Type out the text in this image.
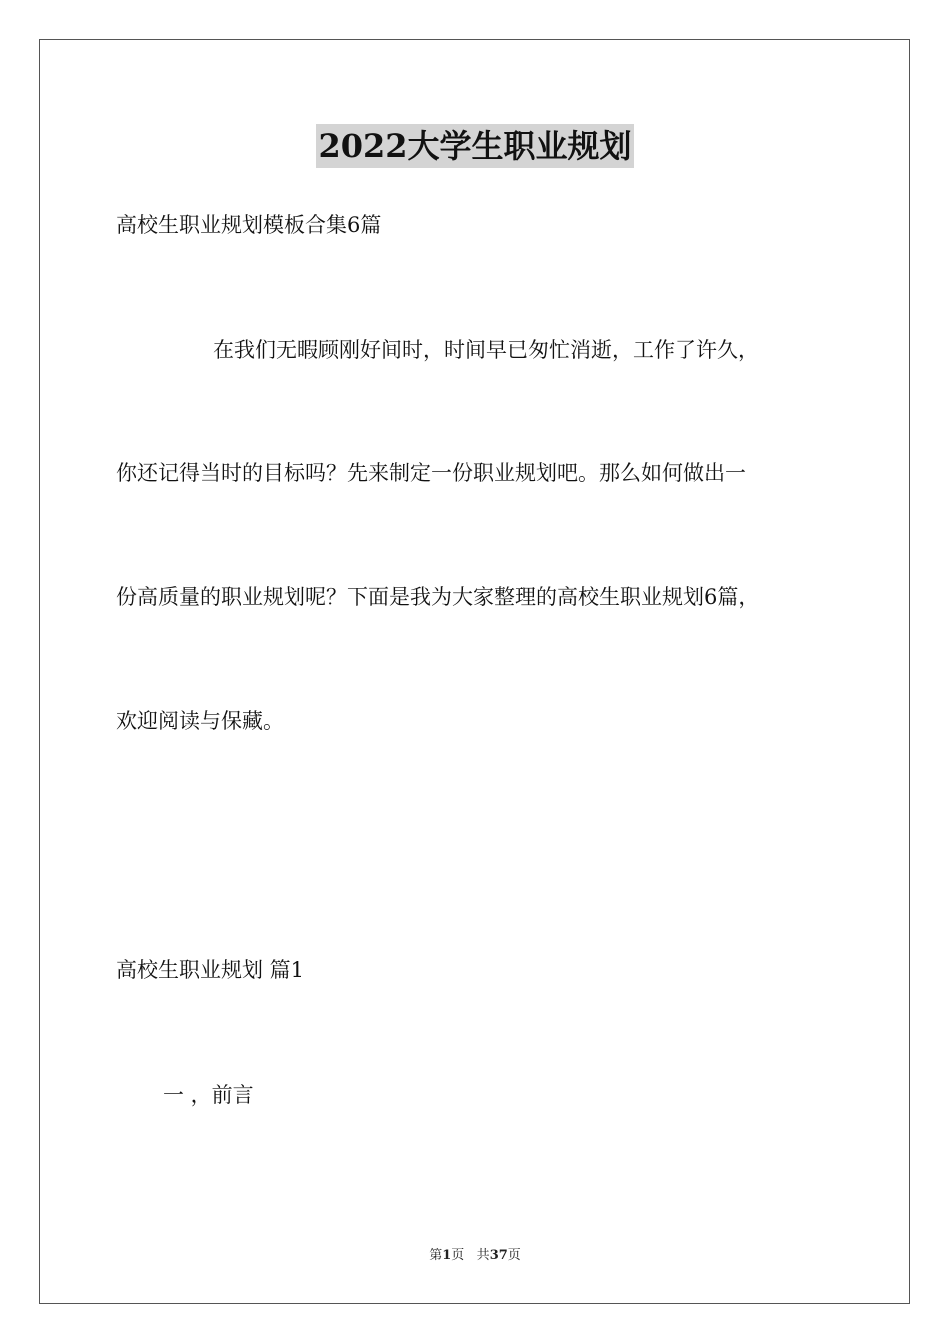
2022大学生职业规划
高校生职业规划模板合集6篇
在我们无暇顾刚好间时，时间早已匆忙消逝，工作了许久，
你还记得当时的目标吗？先来制定一份职业规划吧。那么如何做出一
份高质量的职业规划呢？下面是我为大家整理的高校生职业规划6篇，
欢迎阅读与保藏。
高校生职业规划 篇1
一 ，前言
第1页 共37页
